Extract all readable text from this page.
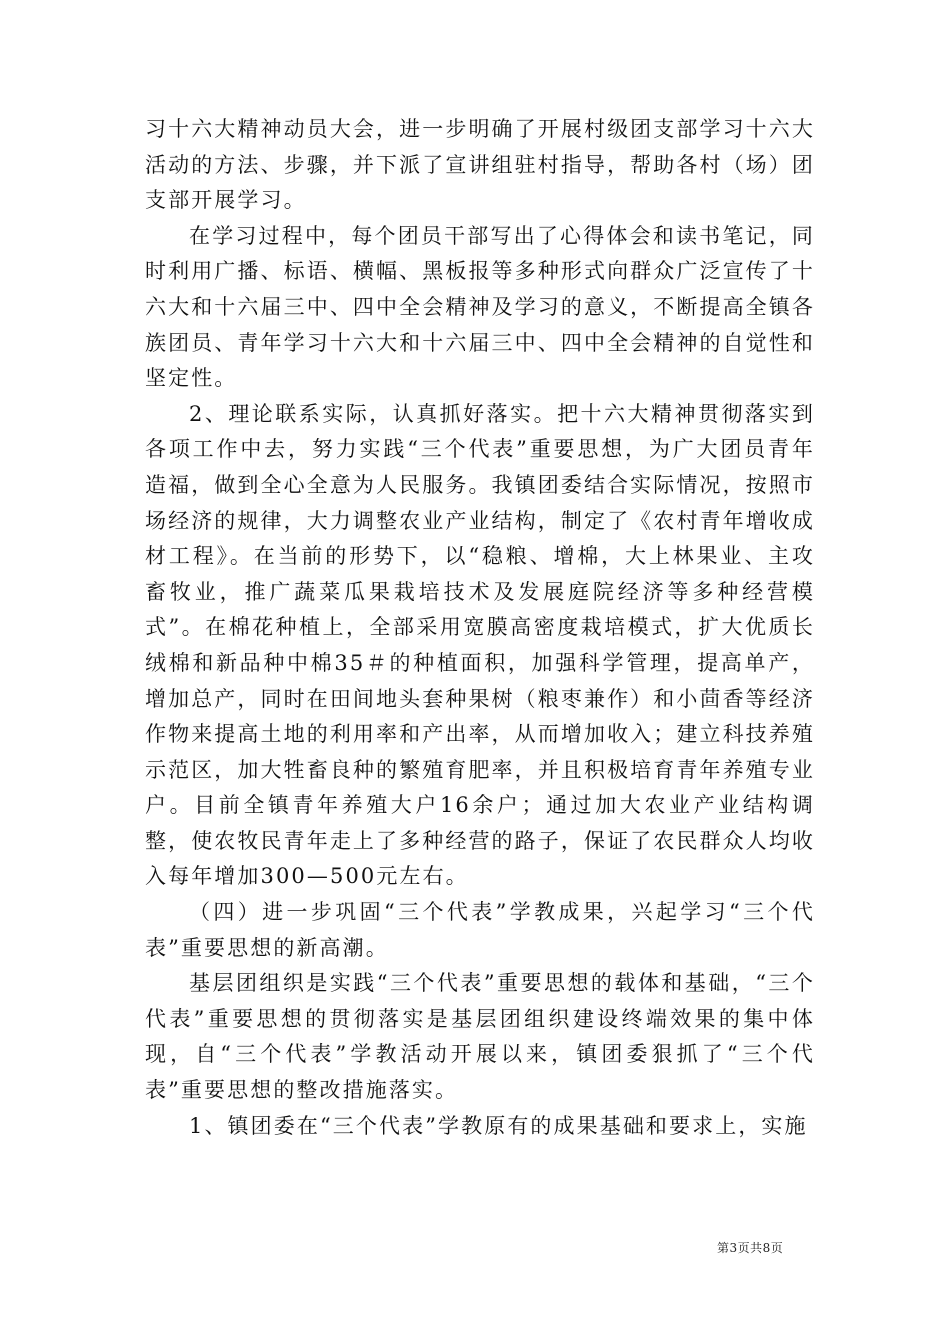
习十六大精神动员大会，进一步明确了开展村级团支部学习十六大活动的方法、步骤，并下派了宣讲组驻村指导，帮助各村（场）团支部开展学习。

在学习过程中，每个团员干部写出了心得体会和读书笔记，同时利用广播、标语、横幅、黑板报等多种形式向群众广泛宣传了十六大和十六届三中、四中全会精神及学习的意义，不断提高全镇各族团员、青年学习十六大和十六届三中、四中全会精神的自觉性和坚定性。

2、理论联系实际，认真抓好落实。把十六大精神贯彻落实到各项工作中去，努力实践“三个代表”重要思想，为广大团员青年造福，做到全心全意为人民服务。我镇团委结合实际情况，按照市场经济的规律，大力调整农业产业结构，制定了《农村青年增收成材工程》。在当前的形势下，以“稳粮、增棉，大上林果业、主攻畜牧业，推广蔬菜瓜果栽培技术及发展庭院经济等多种经营模式”。在棉花种植上，全部采用宽膜高密度栽培模式，扩大优质长绒棉和新品种中棉35＃的种植面积，加强科学管理，提高单产，增加总产，同时在田间地头套种果树（粮枣兼作）和小茴香等经济作物来提高土地的利用率和产出率，从而增加收入；建立科技养殖示范区，加大牲畜良种的繁殖育肥率，并且积极培育青年养殖专业户。目前全镇青年养殖大户16余户；通过加大农业产业结构调整，使农牧民青年走上了多种经营的路子，保证了农民群众人均收入每年增加300—500元左右。

（四）进一步巩固“三个代表”学教成果，兴起学习“三个代表”重要思想的新高潮。

基层团组织是实践“三个代表”重要思想的载体和基础，“三个代表”重要思想的贯彻落实是基层团组织建设终端效果的集中体现，自“三个代表”学教活动开展以来，镇团委狠抓了“三个代表”重要思想的整改措施落实。

1、镇团委在“三个代表”学教原有的成果基础和要求上，实施

第3页共8页
